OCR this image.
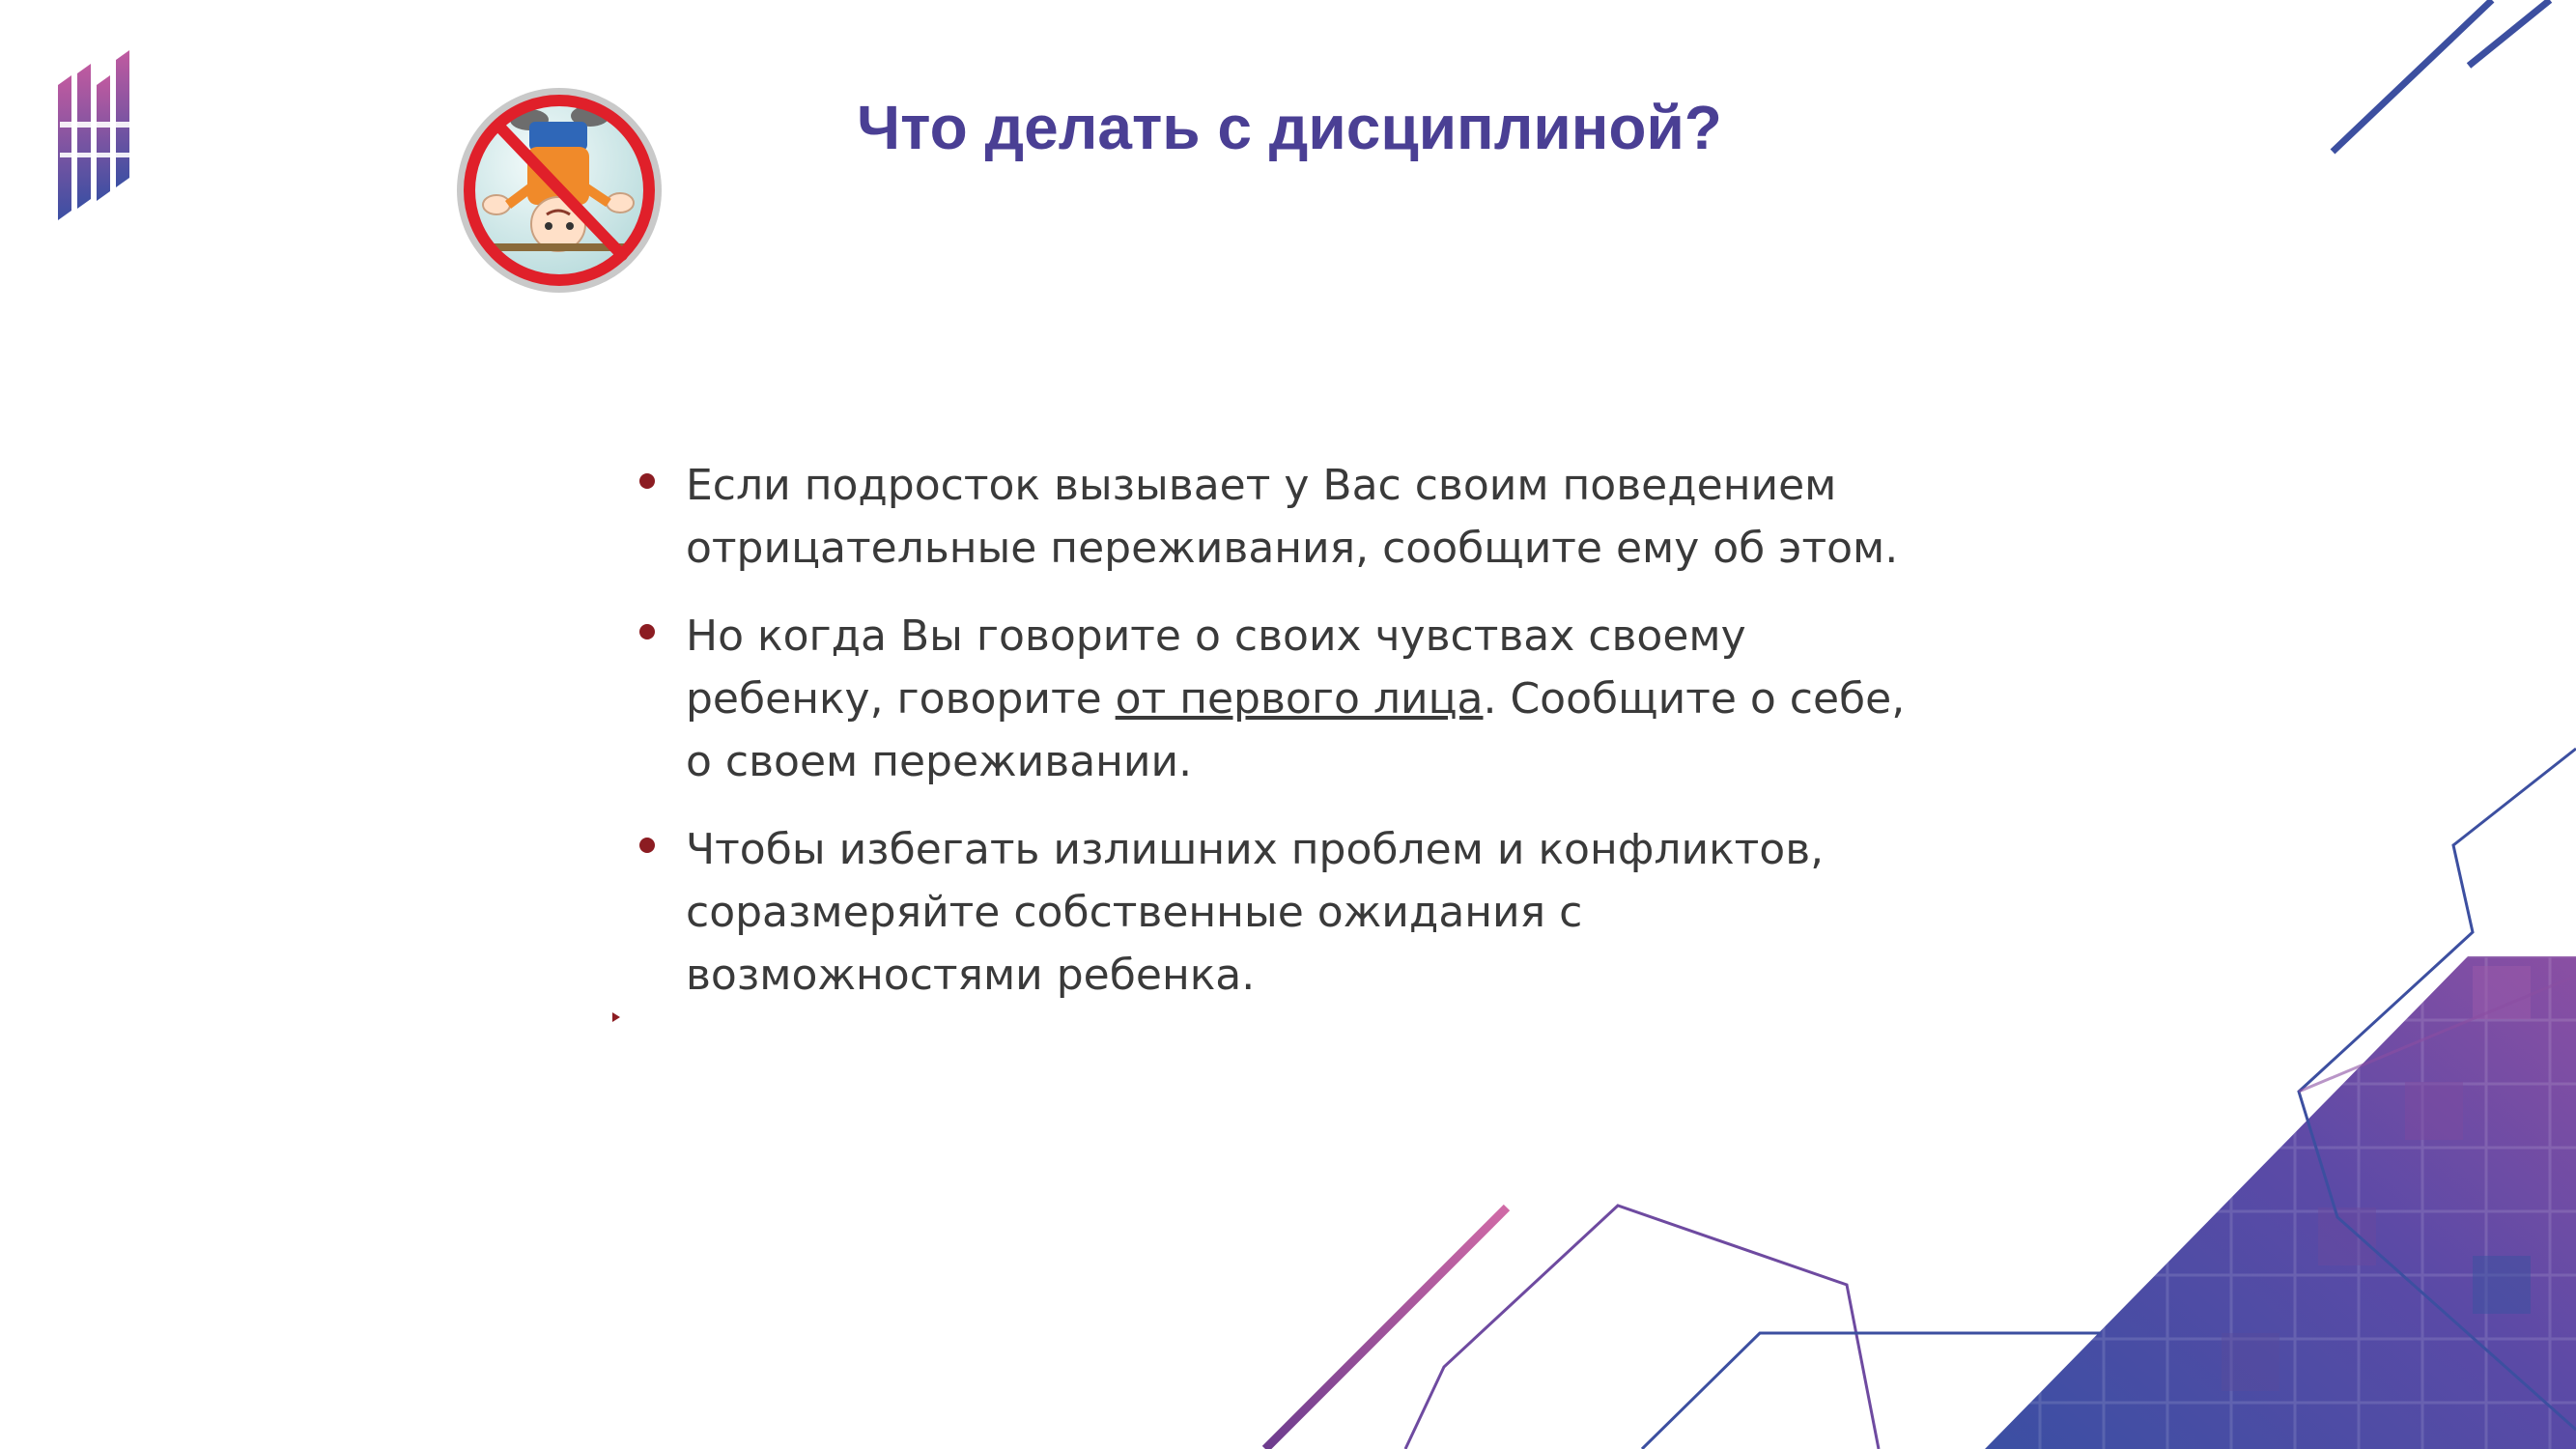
Что делать с дисциплиной?
Если подросток вызывает у Вас своим поведением отрицательные переживания, сообщите ему об этом.
Но когда Вы говорите о своих чувствах своему ребенку, говорите от первого лица. Сообщите о себе, о своем переживании.
Чтобы избегать излишних проблем и конфликтов, соразмеряйте собственные ожидания с возможностями ребенка.
